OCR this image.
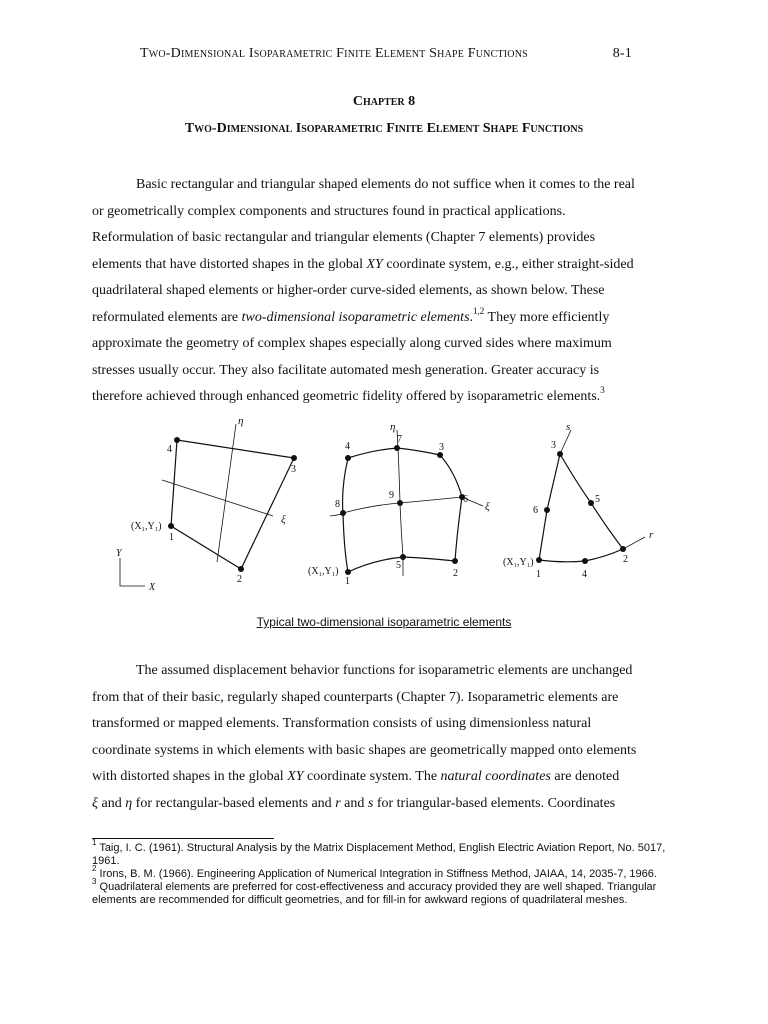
Two-Dimensional Isoparametric Finite Element Shape Functions	8-1
Chapter 8
Two-Dimensional Isoparametric Finite Element Shape Functions
Basic rectangular and triangular shaped elements do not suffice when it comes to the real
or geometrically complex components and structures found in practical applications.
Reformulation of basic rectangular and triangular elements (Chapter 7 elements) provides
elements that have distorted shapes in the global XY coordinate system, e.g., either straight-sided
quadrilateral shaped elements or higher-order curve-sided elements, as shown below. These
reformulated elements are two-dimensional isoparametric elements.$^{1,2}$ They more efficiently
approximate the geometry of complex shapes especially along curved sides where maximum
stresses usually occur. They also facilitate automated mesh generation. Greater accuracy is
therefore achieved through enhanced geometric fidelity offered by isoparametric elements.$^3$
η
ξ
4
3
1
2
(X₁,Y₁)
Y
X
η
ξ
4
7
3
8
9	6
5
1
2
(X₁,Y₁)
s
r
3
6
5
1	4
2
(X₁,Y₁)
Typical two-dimensional isoparametric elements
The assumed displacement behavior functions for isoparametric elements are unchanged
from that of their basic, regularly shaped counterparts (Chapter 7). Isoparametric elements are
transformed or mapped elements. Transformation consists of using dimensionless natural
coordinate systems in which elements with basic shapes are geometrically mapped onto elements
with distorted shapes in the global XY coordinate system. The natural coordinates are denoted
ξ and η for rectangular-based elements and r and s for triangular-based elements. Coordinates

$^1$ Taig, I. C. (1961). Structural Analysis by the Matrix Displacement Method, English Electric Aviation Report, No. 5017, 1961.

$^2$ Irons, B. M. (1966). Engineering Application of Numerical Integration in Stiffness Method, JAIAA, 14, 2035-7, 1966.

$^3$ Quadrilateral elements are preferred for cost-effectiveness and accuracy provided they are well shaped. Triangular elements are recommended for difficult geometries, and for fill-in for awkward regions of quadrilateral meshes.
